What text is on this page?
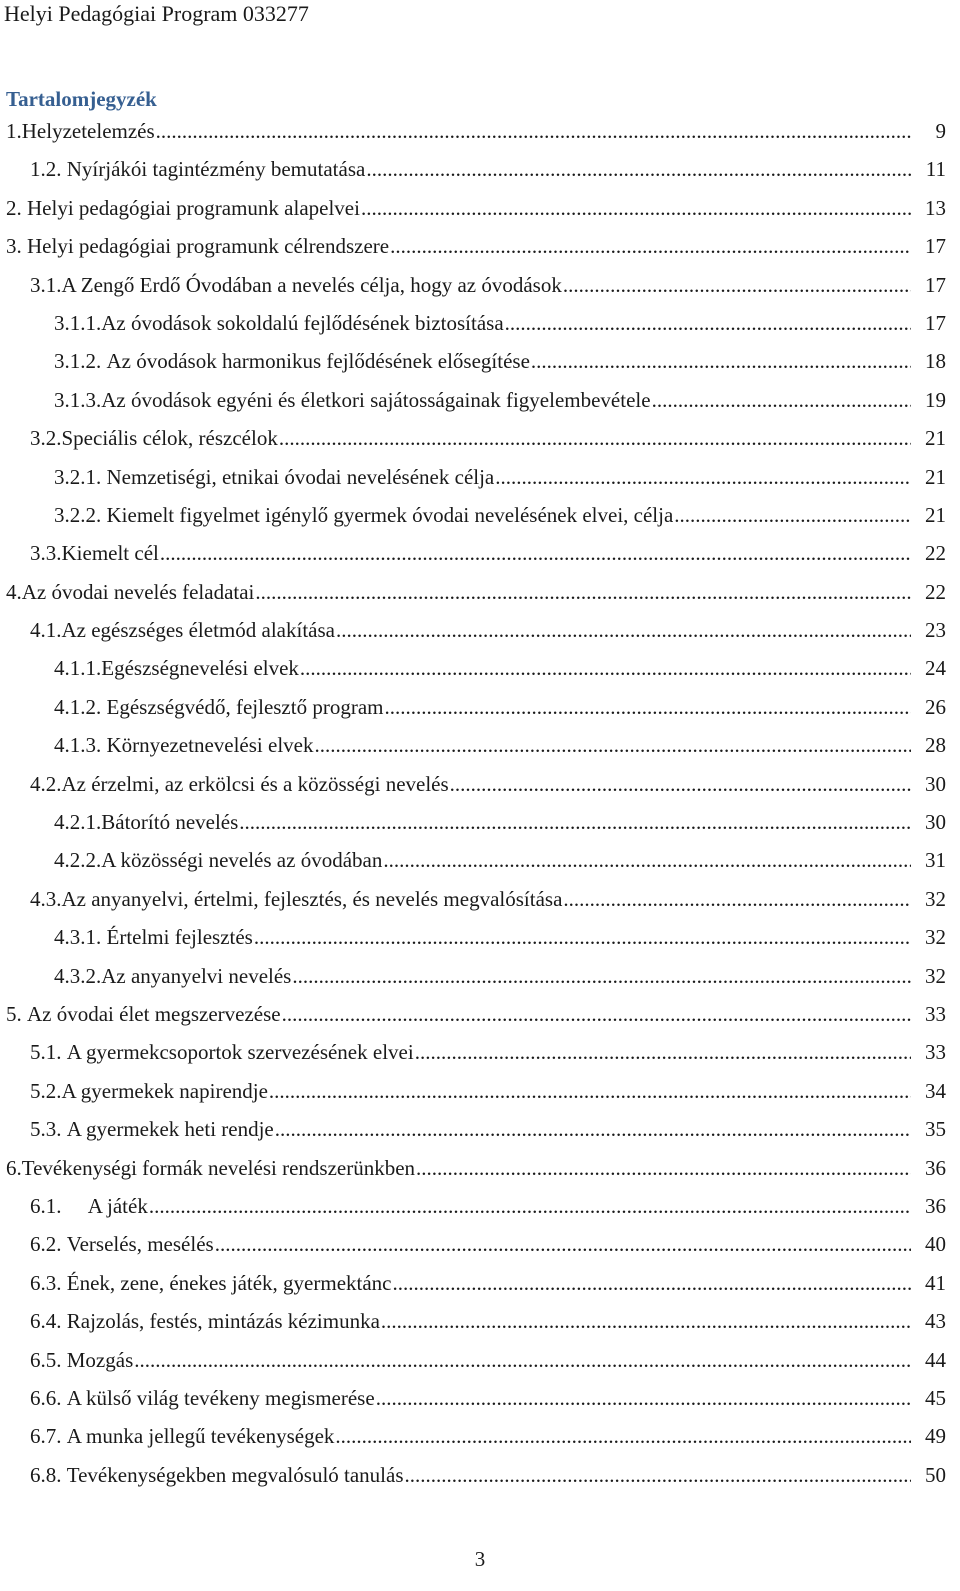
Helyi Pedagógiai Program 033277
Tartalomjegyzék
1. Helyzetelemzés .....	9
1.2. Nyírjákói tagintézmény bemutatása .....	11
2. Helyi pedagógiai programunk alapelvei .....	13
3. Helyi pedagógiai programunk célrendszere .....	17
3.1. A Zengő Erdő Óvodában a nevelés célja, hogy az óvodások .....	17
3.1.1. Az óvodások sokoldalú fejlődésének biztosítása .....	17
3.1.2. Az óvodások harmonikus fejlődésének elősegítése .....	18
3.1.3. Az óvodások egyéni és életkori sajátosságainak figyelembevétele .....	19
3.2. Speciális célok, részcélok .....	21
3.2.1. Nemzetiségi, etnikai óvodai nevelésének célja .....	21
3.2.2. Kiemelt figyelmet igénylő gyermek óvodai nevelésének elvei, célja .....	21
3.3. Kiemelt cél .....	22
4. Az óvodai nevelés feladatai .....	22
4.1. Az egészséges életmód alakítása .....	23
4.1.1. Egészségnevelési elvek .....	24
4.1.2. Egészségvédő, fejlesztő program .....	26
4.1.3. Környezetnevelési elvek .....	28
4.2. Az érzelmi, az erkölcsi és a közösségi nevelés .....	30
4.2.1. Bátorító nevelés .....	30
4.2.2. A közösségi nevelés az óvodában .....	31
4.3. Az anyanyelvi, értelmi, fejlesztés, és nevelés megvalósítása .....	32
4.3.1. Értelmi fejlesztés .....	32
4.3.2. Az anyanyelvi nevelés .....	32
5. Az óvodai élet megszervezése .....	33
5.1. A gyermekcsoportok szervezésének elvei .....	33
5.2. A gyermekek napirendje .....	34
5.3. A gyermekek heti rendje .....	35
6. Tevékenységi formák nevelési rendszerünkben .....	36
6.1. A játék .....	36
6.2. Verselés, mesélés .....	40
6.3. Ének, zene, énekes játék, gyermektánc .....	41
6.4. Rajzolás, festés, mintázás kézimunka .....	43
6.5. Mozgás .....	44
6.6. A külső világ tevékeny megismerése .....	45
6.7. A munka jellegű tevékenységek .....	49
6.8. Tevékenységekben megvalósuló tanulás .....	50
3
